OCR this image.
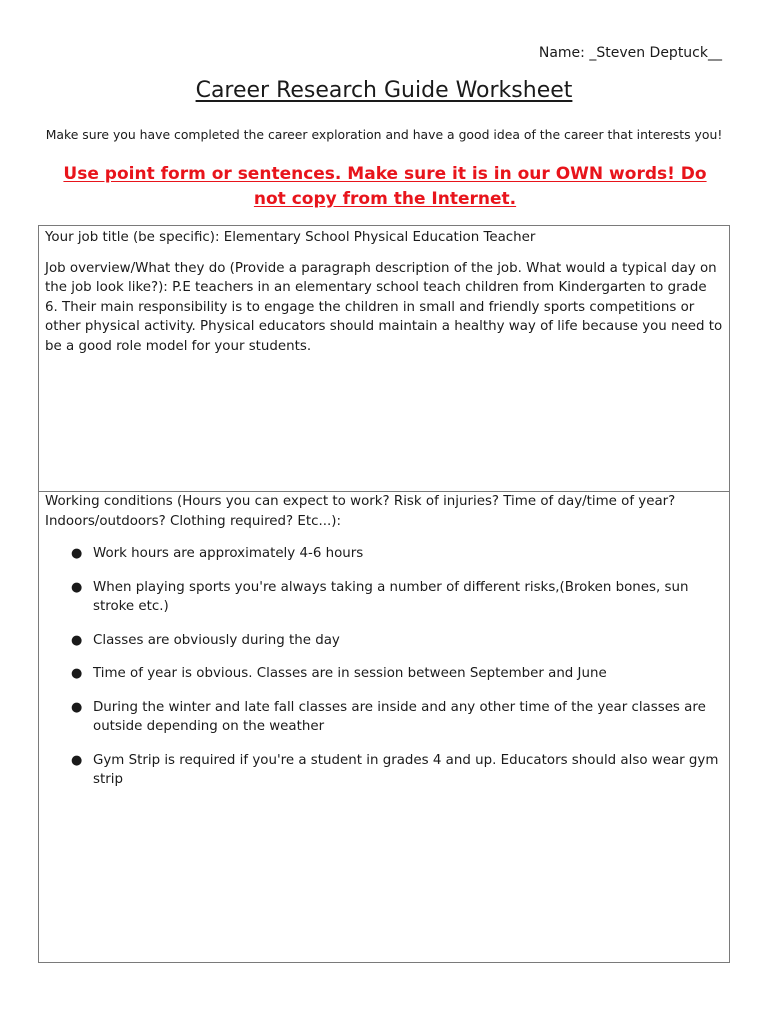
Name: _Steven Deptuck__
Career Research Guide Worksheet
Make sure you have completed the career exploration and have a good idea of the career that interests you!
Use point form or sentences. Make sure it is in our OWN words! Do
not copy from the Internet.

Your job title (be specific): Elementary School Physical Education Teacher

Job overview/What they do (Provide a paragraph description of the job. What would a typical day on the job look like?): P.E teachers in an elementary school teach children from Kindergarten to grade 6. Their main responsibility is to engage the children in small and friendly sports competitions or other physical activity. Physical educators should maintain a healthy way of life because you need to be a good role model for your students.

Working conditions (Hours you can expect to work? Risk of injuries? Time of day/time of year? Indoors/outdoors? Clothing required? Etc...):

● Work hours are approximately 4-6 hours
● When playing sports you're always taking a number of different risks,(Broken bones, sun stroke etc.)
● Classes are obviously during the day
● Time of year is obvious. Classes are in session between September and June
● During the winter and late fall classes are inside and any other time of the year classes are outside depending on the weather
● Gym Strip is required if you're a student in grades 4 and up. Educators should also wear gym strip
